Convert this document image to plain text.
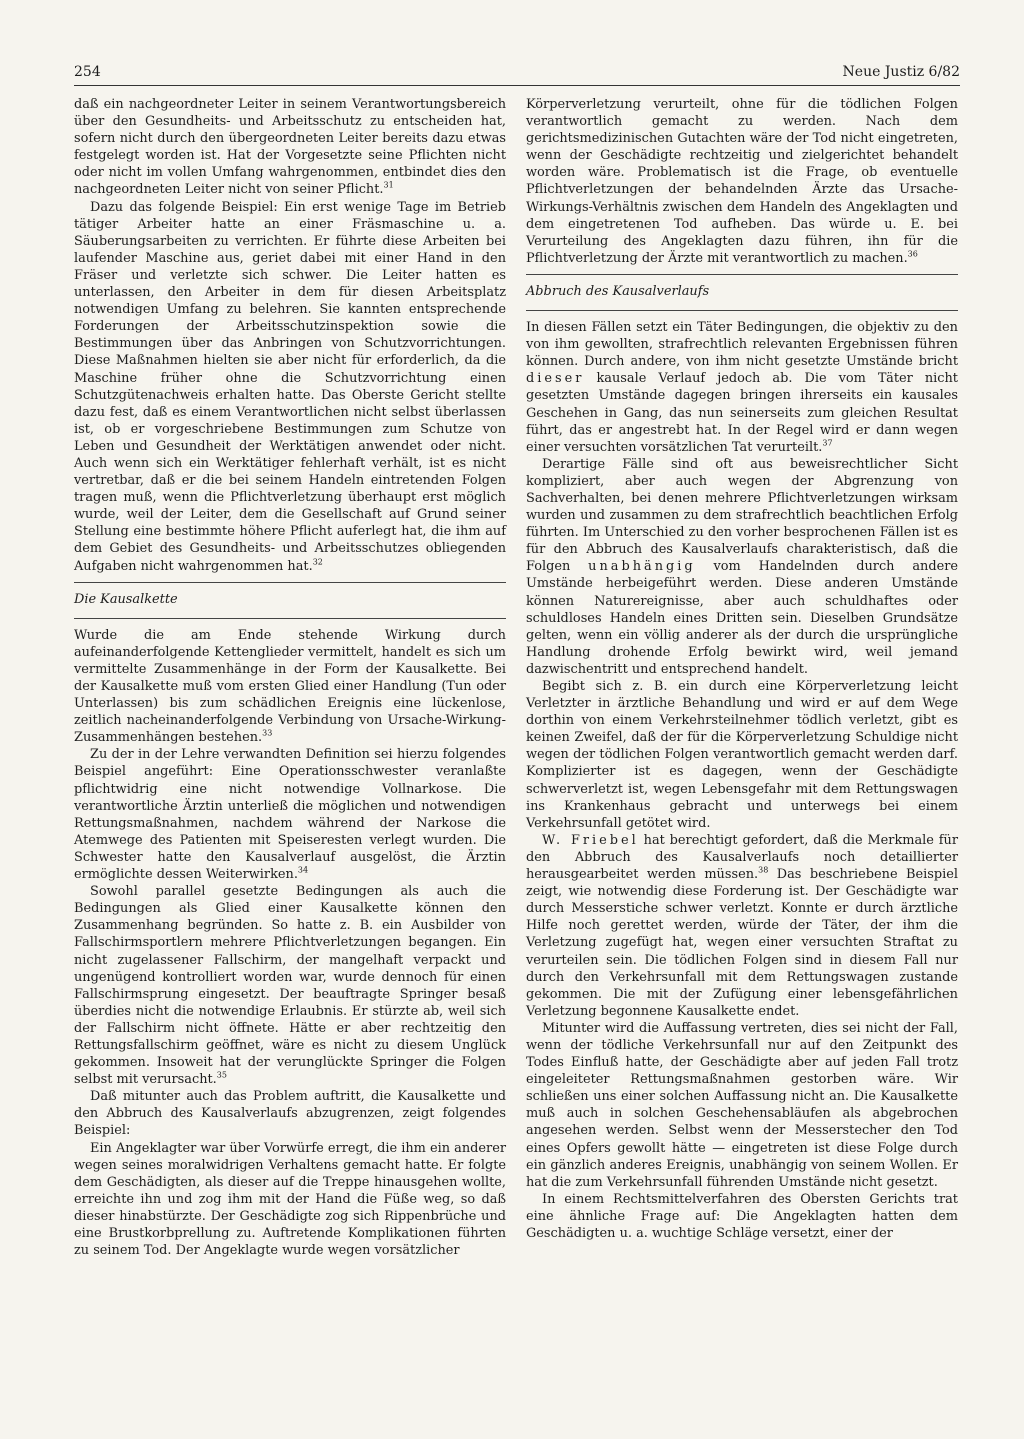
254	Neue Justiz 6/82

daß ein nachgeordneter Leiter in seinem Verantwortungsbereich über den Gesundheits- und Arbeitsschutz zu entscheiden hat, sofern nicht durch den übergeordneten Leiter bereits dazu etwas festgelegt worden ist. Hat der Vorgesetzte seine Pflichten nicht oder nicht im vollen Umfang wahrgenommen, entbindet dies den nachgeordneten Leiter nicht von seiner Pflicht.$^{31}$

Dazu das folgende Beispiel: Ein erst wenige Tage im Betrieb tätiger Arbeiter hatte an einer Fräsmaschine u. a. Säuberungsarbeiten zu verrichten. Er führte diese Arbeiten bei laufender Maschine aus, geriet dabei mit einer Hand in den Fräser und verletzte sich schwer. Die Leiter hatten es unterlassen, den Arbeiter in dem für diesen Arbeitsplatz notwendigen Umfang zu belehren. Sie kannten entsprechende Forderungen der Arbeitsschutzinspektion sowie die Bestimmungen über das Anbringen von Schutzvorrichtungen. Diese Maßnahmen hielten sie aber nicht für erforderlich, da die Maschine früher ohne die Schutzvorrichtung einen Schutzgütenachweis erhalten hatte. Das Oberste Gericht stellte dazu fest, daß es einem Verantwortlichen nicht selbst überlassen ist, ob er vorgeschriebene Bestimmungen zum Schutze von Leben und Gesundheit der Werktätigen anwendet oder nicht. Auch wenn sich ein Werktätiger fehlerhaft verhält, ist es nicht vertretbar, daß er die bei seinem Handeln eintretenden Folgen tragen muß, wenn die Pflichtverletzung überhaupt erst möglich wurde, weil der Leiter, dem die Gesellschaft auf Grund seiner Stellung eine bestimmte höhere Pflicht auferlegt hat, die ihm auf dem Gebiet des Gesundheits- und Arbeitsschutzes obliegenden Aufgaben nicht wahrgenommen hat.$^{32}$

Die Kausalkette

Wurde die am Ende stehende Wirkung durch aufeinanderfolgende Kettenglieder vermittelt, handelt es sich um vermittelte Zusammenhänge in der Form der Kausalkette. Bei der Kausalkette muß vom ersten Glied einer Handlung (Tun oder Unterlassen) bis zum schädlichen Ereignis eine lückenlose, zeitlich nacheinanderfolgende Verbindung von Ursache-Wirkung-Zusammenhängen bestehen.$^{33}$

Zu der in der Lehre verwandten Definition sei hierzu folgendes Beispiel angeführt: Eine Operationsschwester veranlaßte pflichtwidrig eine nicht notwendige Vollnarkose. Die verantwortliche Ärztin unterließ die möglichen und notwendigen Rettungsmaßnahmen, nachdem während der Narkose die Atemwege des Patienten mit Speiseresten verlegt wurden. Die Schwester hatte den Kausalverlauf ausgelöst, die Ärztin ermöglichte dessen Weiterwirken.$^{34}$

Sowohl parallel gesetzte Bedingungen als auch die Bedingungen als Glied einer Kausalkette können den Zusammenhang begründen. So hatte z. B. ein Ausbilder von Fallschirmsportlern mehrere Pflichtverletzungen begangen. Ein nicht zugelassener Fallschirm, der mangelhaft verpackt und ungenügend kontrolliert worden war, wurde dennoch für einen Fallschirmsprung eingesetzt. Der beauftragte Springer besaß überdies nicht die notwendige Erlaubnis. Er stürzte ab, weil sich der Fallschirm nicht öffnete. Hätte er aber rechtzeitig den Rettungsfallschirm geöffnet, wäre es nicht zu diesem Unglück gekommen. Insoweit hat der verunglückte Springer die Folgen selbst mit verursacht.$^{35}$

Daß mitunter auch das Problem auftritt, die Kausalkette und den Abbruch des Kausalverlaufs abzugrenzen, zeigt folgendes Beispiel:

Ein Angeklagter war über Vorwürfe erregt, die ihm ein anderer wegen seines moralwidrigen Verhaltens gemacht hatte. Er folgte dem Geschädigten, als dieser auf die Treppe hinausgehen wollte, erreichte ihn und zog ihm mit der Hand die Füße weg, so daß dieser hinabstürzte. Der Geschädigte zog sich Rippenbrüche und eine Brustkorbprellung zu. Auftretende Komplikationen führten zu seinem Tod. Der Angeklagte wurde wegen vorsätzlicher

Körperverletzung verurteilt, ohne für die tödlichen Folgen verantwortlich gemacht zu werden. Nach dem gerichtsmedizinischen Gutachten wäre der Tod nicht eingetreten, wenn der Geschädigte rechtzeitig und zielgerichtet behandelt worden wäre. Problematisch ist die Frage, ob eventuelle Pflichtverletzungen der behandelnden Ärzte das Ursache-Wirkungs-Verhältnis zwischen dem Handeln des Angeklagten und dem eingetretenen Tod aufheben. Das würde u. E. bei Verurteilung des Angeklagten dazu führen, ihn für die Pflichtverletzung der Ärzte mit verantwortlich zu machen.$^{36}$

Abbruch des Kausalverlaufs

In diesen Fällen setzt ein Täter Bedingungen, die objektiv zu den von ihm gewollten, strafrechtlich relevanten Ergebnissen führen können. Durch andere, von ihm nicht gesetzte Umstände bricht dieser kausale Verlauf jedoch ab. Die vom Täter nicht gesetzten Umstände dagegen bringen ihrerseits ein kausales Geschehen in Gang, das nun seinerseits zum gleichen Resultat führt, das er angestrebt hat. In der Regel wird er dann wegen einer versuchten vorsätzlichen Tat verurteilt.$^{37}$

Derartige Fälle sind oft aus beweisrechtlicher Sicht kompliziert, aber auch wegen der Abgrenzung von Sachverhalten, bei denen mehrere Pflichtverletzungen wirksam wurden und zusammen zu dem strafrechtlich beachtlichen Erfolg führten. Im Unterschied zu den vorher besprochenen Fällen ist es für den Abbruch des Kausalverlaufs charakteristisch, daß die Folgen unabhängig vom Handelnden durch andere Umstände herbeigeführt werden. Diese anderen Umstände können Naturereignisse, aber auch schuldhaftes oder schuldloses Handeln eines Dritten sein. Dieselben Grundsätze gelten, wenn ein völlig anderer als der durch die ursprüngliche Handlung drohende Erfolg bewirkt wird, weil jemand dazwischentritt und entsprechend handelt.

Begibt sich z. B. ein durch eine Körperverletzung leicht Verletzter in ärztliche Behandlung und wird er auf dem Wege dorthin von einem Verkehrsteilnehmer tödlich verletzt, gibt es keinen Zweifel, daß der für die Körperverletzung Schuldige nicht wegen der tödlichen Folgen verantwortlich gemacht werden darf. Komplizierter ist es dagegen, wenn der Geschädigte schwerverletzt ist, wegen Lebensgefahr mit dem Rettungswagen ins Krankenhaus gebracht und unterwegs bei einem Verkehrsunfall getötet wird.

W. Friebel hat berechtigt gefordert, daß die Merkmale für den Abbruch des Kausalverlaufs noch detaillierter herausgearbeitet werden müssen.$^{38}$ Das beschriebene Beispiel zeigt, wie notwendig diese Forderung ist. Der Geschädigte war durch Messerstiche schwer verletzt. Konnte er durch ärztliche Hilfe noch gerettet werden, würde der Täter, der ihm die Verletzung zugefügt hat, wegen einer versuchten Straftat zu verurteilen sein. Die tödlichen Folgen sind in diesem Fall nur durch den Verkehrsunfall mit dem Rettungswagen zustande gekommen. Die mit der Zufügung einer lebensgefährlichen Verletzung begonnene Kausalkette endet.

Mitunter wird die Auffassung vertreten, dies sei nicht der Fall, wenn der tödliche Verkehrsunfall nur auf den Zeitpunkt des Todes Einfluß hatte, der Geschädigte aber auf jeden Fall trotz eingeleiteter Rettungsmaßnahmen gestorben wäre. Wir schließen uns einer solchen Auffassung nicht an. Die Kausalkette muß auch in solchen Geschehensabläufen als abgebrochen angesehen werden. Selbst wenn der Messerstecher den Tod eines Opfers gewollt hätte — eingetreten ist diese Folge durch ein gänzlich anderes Ereignis, unabhängig von seinem Wollen. Er hat die zum Verkehrsunfall führenden Umstände nicht gesetzt.

In einem Rechtsmittelverfahren des Obersten Gerichts trat eine ähnliche Frage auf: Die Angeklagten hatten dem Geschädigten u. a. wuchtige Schläge versetzt, einer der
